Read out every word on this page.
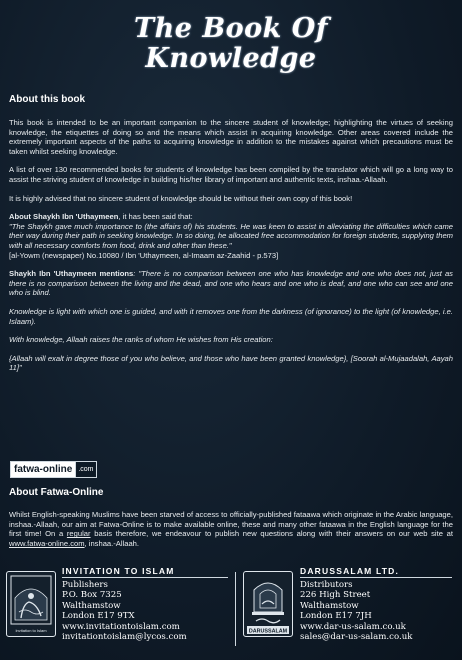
The Book Of
Knowledge
About this book

This book is intended to be an important companion to the sincere student of knowledge; highlighting the virtues of seeking knowledge, the etiquettes of doing so and the means which assist in acquiring knowledge. Other areas covered include the extremely important aspects of the paths to acquiring knowledge in addition to the mistakes against which precautions must be taken whilst seeking knowledge.

A list of over 130 recommended books for students of knowledge has been compiled by the translator which will go a long way to assist the striving student of knowledge in building his/her library of important and authentic texts, inshaa.-Allaah.

It is highly advised that no sincere student of knowledge should be without their own copy of this book!

About Shaykh Ibn 'Uthaymeen, it has been said that:
"The Shaykh gave much importance to (the affairs of) his students. He was keen to assist in alleviating the difficulties which came their way during their path in seeking knowledge. In so doing, he allocated free accommodation for foreign students, supplying them with all necessary comforts from food, drink and other than these."
[al-Yowm (newspaper) No.10080 / Ibn 'Uthaymeen, al-Imaam az-Zaahid - p.573]

Shaykh Ibn 'Uthaymeen mentions: "There is no comparison between one who has knowledge and one who does not, just as there is no comparison between the living and the dead, and one who hears and one who is deaf, and one who can see and one who is blind.

Knowledge is light with which one is guided, and with it removes one from the darkness (of ignorance) to the light (of knowledge, i.e. Islaam).

With knowledge, Allaah raises the ranks of whom He wishes from His creation:

{Allaah will exalt in degree those of you who believe, and those who have been granted knowledge}, [Soorah al-Mujaadalah, Aayah 11]"

fatwa-online .com
About Fatwa-Online

Whilst English-speaking Muslims have been starved of access to officially-published fataawa which originate in the Arabic language, inshaa.-Allaah, our aim at Fatwa-Online is to make available online, these and many other fataawa in the English language for the first time! On a regular basis therefore, we endeavour to publish new questions along with their answers on our web site at www.fatwa-online.com, inshaa.-Allaah.

Invitation to Islam
INVITATION TO ISLAM
Publishers
P.O. Box 7325
Walthamstow
London E17 9TX
www.invitationtoislam.com
invitationtoislam@lycos.com
DARUSSALAM
DARUSSALAM LTD.
Distributors
226 High Street
Walthamstow
London E17 7JH
www.dar-us-salam.co.uk
sales@dar-us-salam.co.uk
